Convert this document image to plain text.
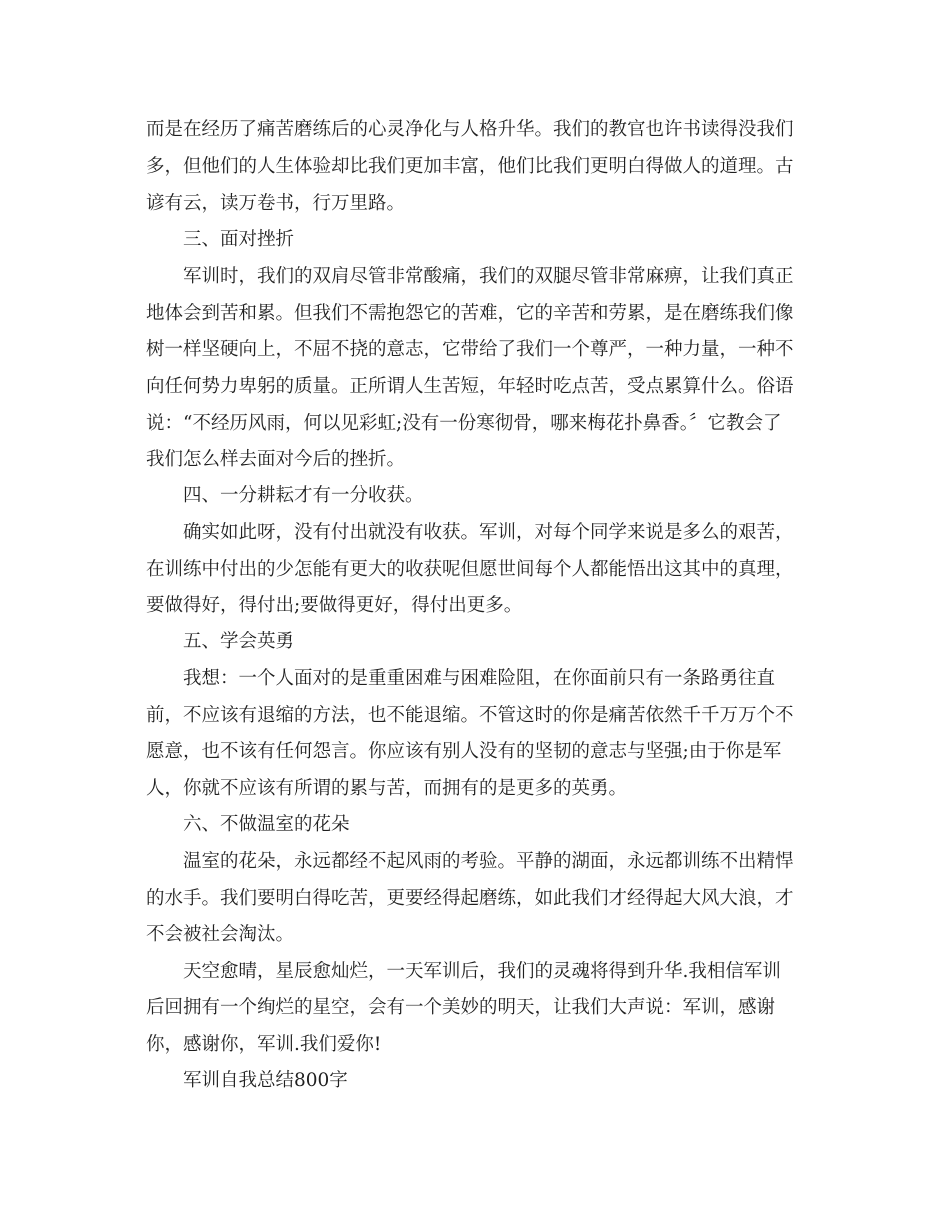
而是在经历了痛苦磨练后的心灵净化与人格升华。我们的教官也许书读得没我们
多，但他们的人生体验却比我们更加丰富，他们比我们更明白得做人的道理。古
谚有云，读万卷书，行万里路。
三、面对挫折
军训时，我们的双肩尽管非常酸痛，我们的双腿尽管非常麻痹，让我们真正
地体会到苦和累。但我们不需抱怨它的苦难，它的辛苦和劳累，是在磨练我们像
树一样坚硬向上，不屈不挠的意志，它带给了我们一个尊严，一种力量，一种不
向任何势力卑躬的质量。正所谓人生苦短，年轻时吃点苦，受点累算什么。俗语
说：“不经历风雨，何以见彩虹;没有一份寒彻骨，哪来梅花扑鼻香。〞它教会了
我们怎么样去面对今后的挫折。
四、一分耕耘才有一分收获。
确实如此呀，没有付出就没有收获。军训，对每个同学来说是多么的艰苦，
在训练中付出的少怎能有更大的收获呢但愿世间每个人都能悟出这其中的真理，
要做得好，得付出;要做得更好，得付出更多。
五、学会英勇
我想：一个人面对的是重重困难与困难险阻，在你面前只有一条路勇往直
前，不应该有退缩的方法，也不能退缩。不管这时的你是痛苦依然千千万万个不
愿意，也不该有任何怨言。你应该有别人没有的坚韧的意志与坚强;由于你是军
人，你就不应该有所谓的累与苦，而拥有的是更多的英勇。
六、不做温室的花朵
温室的花朵，永远都经不起风雨的考验。平静的湖面，永远都训练不出精悍
的水手。我们要明白得吃苦，更要经得起磨练，如此我们才经得起大风大浪，才
不会被社会淘汰。
天空愈晴，星辰愈灿烂，一天军训后，我们的灵魂将得到升华.我相信军训
后回拥有一个绚烂的星空，会有一个美妙的明天，让我们大声说：军训，感谢
你，感谢你，军训.我们爱你!
军训自我总结800字
